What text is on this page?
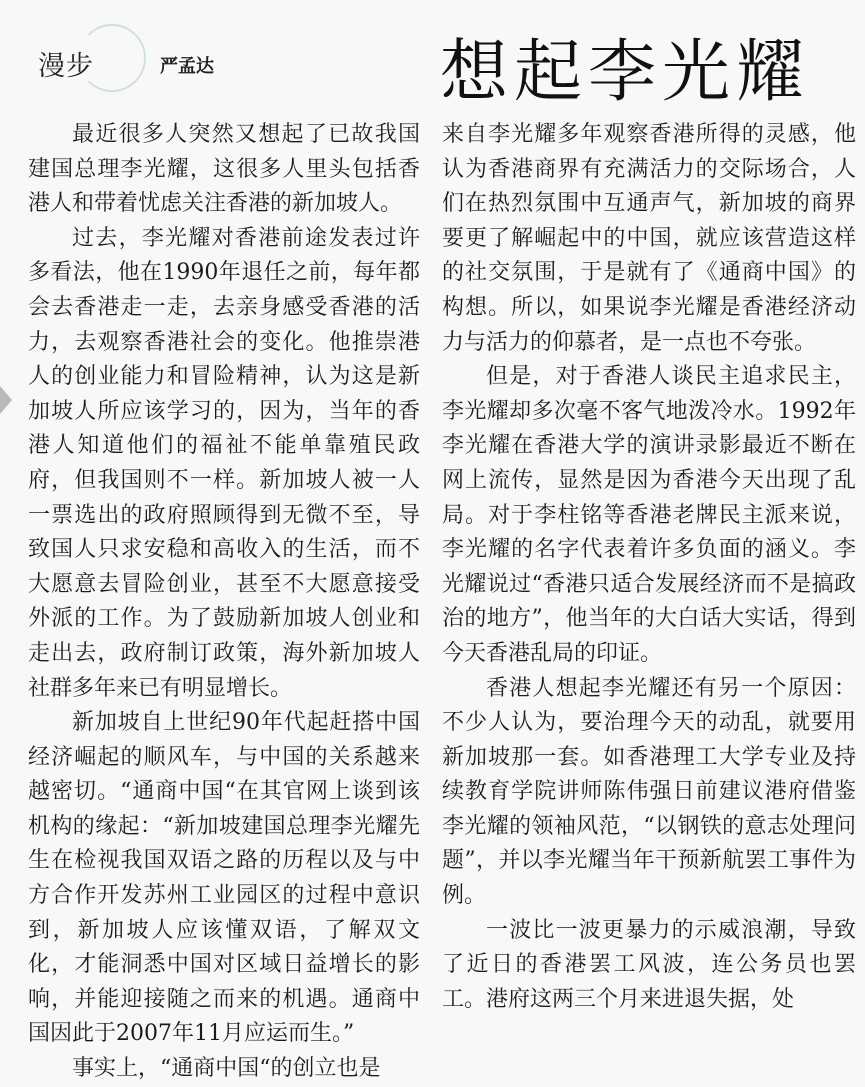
漫步	严孟达	想起李光耀

最近很多人突然又想起了已故我国建国总理李光耀，这很多人里头包括香港人和带着忧虑关注香港的新加坡人。

过去，李光耀对香港前途发表过许多看法，他在1990年退任之前，每年都会去香港走一走，去亲身感受香港的活力，去观察香港社会的变化。他推崇港人的创业能力和冒险精神，认为这是新加坡人所应该学习的，因为，当年的香港人知道他们的福祉不能单靠殖民政府，但我国则不一样。新加坡人被一人一票选出的政府照顾得到无微不至，导致国人只求安稳和高收入的生活，而不大愿意去冒险创业，甚至不大愿意接受外派的工作。为了鼓励新加坡人创业和走出去，政府制订政策，海外新加坡人社群多年来已有明显增长。

新加坡自上世纪90年代起赶搭中国经济崛起的顺风车，与中国的关系越来越密切。“通商中国“在其官网上谈到该机构的缘起：“新加坡建国总理李光耀先生在检视我国双语之路的历程以及与中方合作开发苏州工业园区的过程中意识到，新加坡人应该懂双语，了解双文化，才能洞悉中国对区域日益增长的影响，并能迎接随之而来的机遇。通商中国因此于2007年11月应运而生。”

事实上，“通商中国“的创立也是

来自李光耀多年观察香港所得的灵感，他认为香港商界有充满活力的交际场合，人们在热烈氛围中互通声气，新加坡的商界要更了解崛起中的中国，就应该营造这样的社交氛围，于是就有了《通商中国》的构想。所以，如果说李光耀是香港经济动力与活力的仰慕者，是一点也不夸张。

但是，对于香港人谈民主追求民主，李光耀却多次毫不客气地泼冷水。1992年李光耀在香港大学的演讲录影最近不断在网上流传，显然是因为香港今天出现了乱局。对于李柱铭等香港老牌民主派来说，李光耀的名字代表着许多负面的涵义。李光耀说过“香港只适合发展经济而不是搞政治的地方”，他当年的大白话大实话，得到今天香港乱局的印证。

香港人想起李光耀还有另一个原因：不少人认为，要治理今天的动乱，就要用新加坡那一套。如香港理工大学专业及持续教育学院讲师陈伟强日前建议港府借鉴李光耀的领袖风范，“以钢铁的意志处理问题”，并以李光耀当年干预新航罢工事件为例。

一波比一波更暴力的示威浪潮，导致了近日的香港罢工风波，连公务员也罢工。港府这两三个月来进退失据，处
